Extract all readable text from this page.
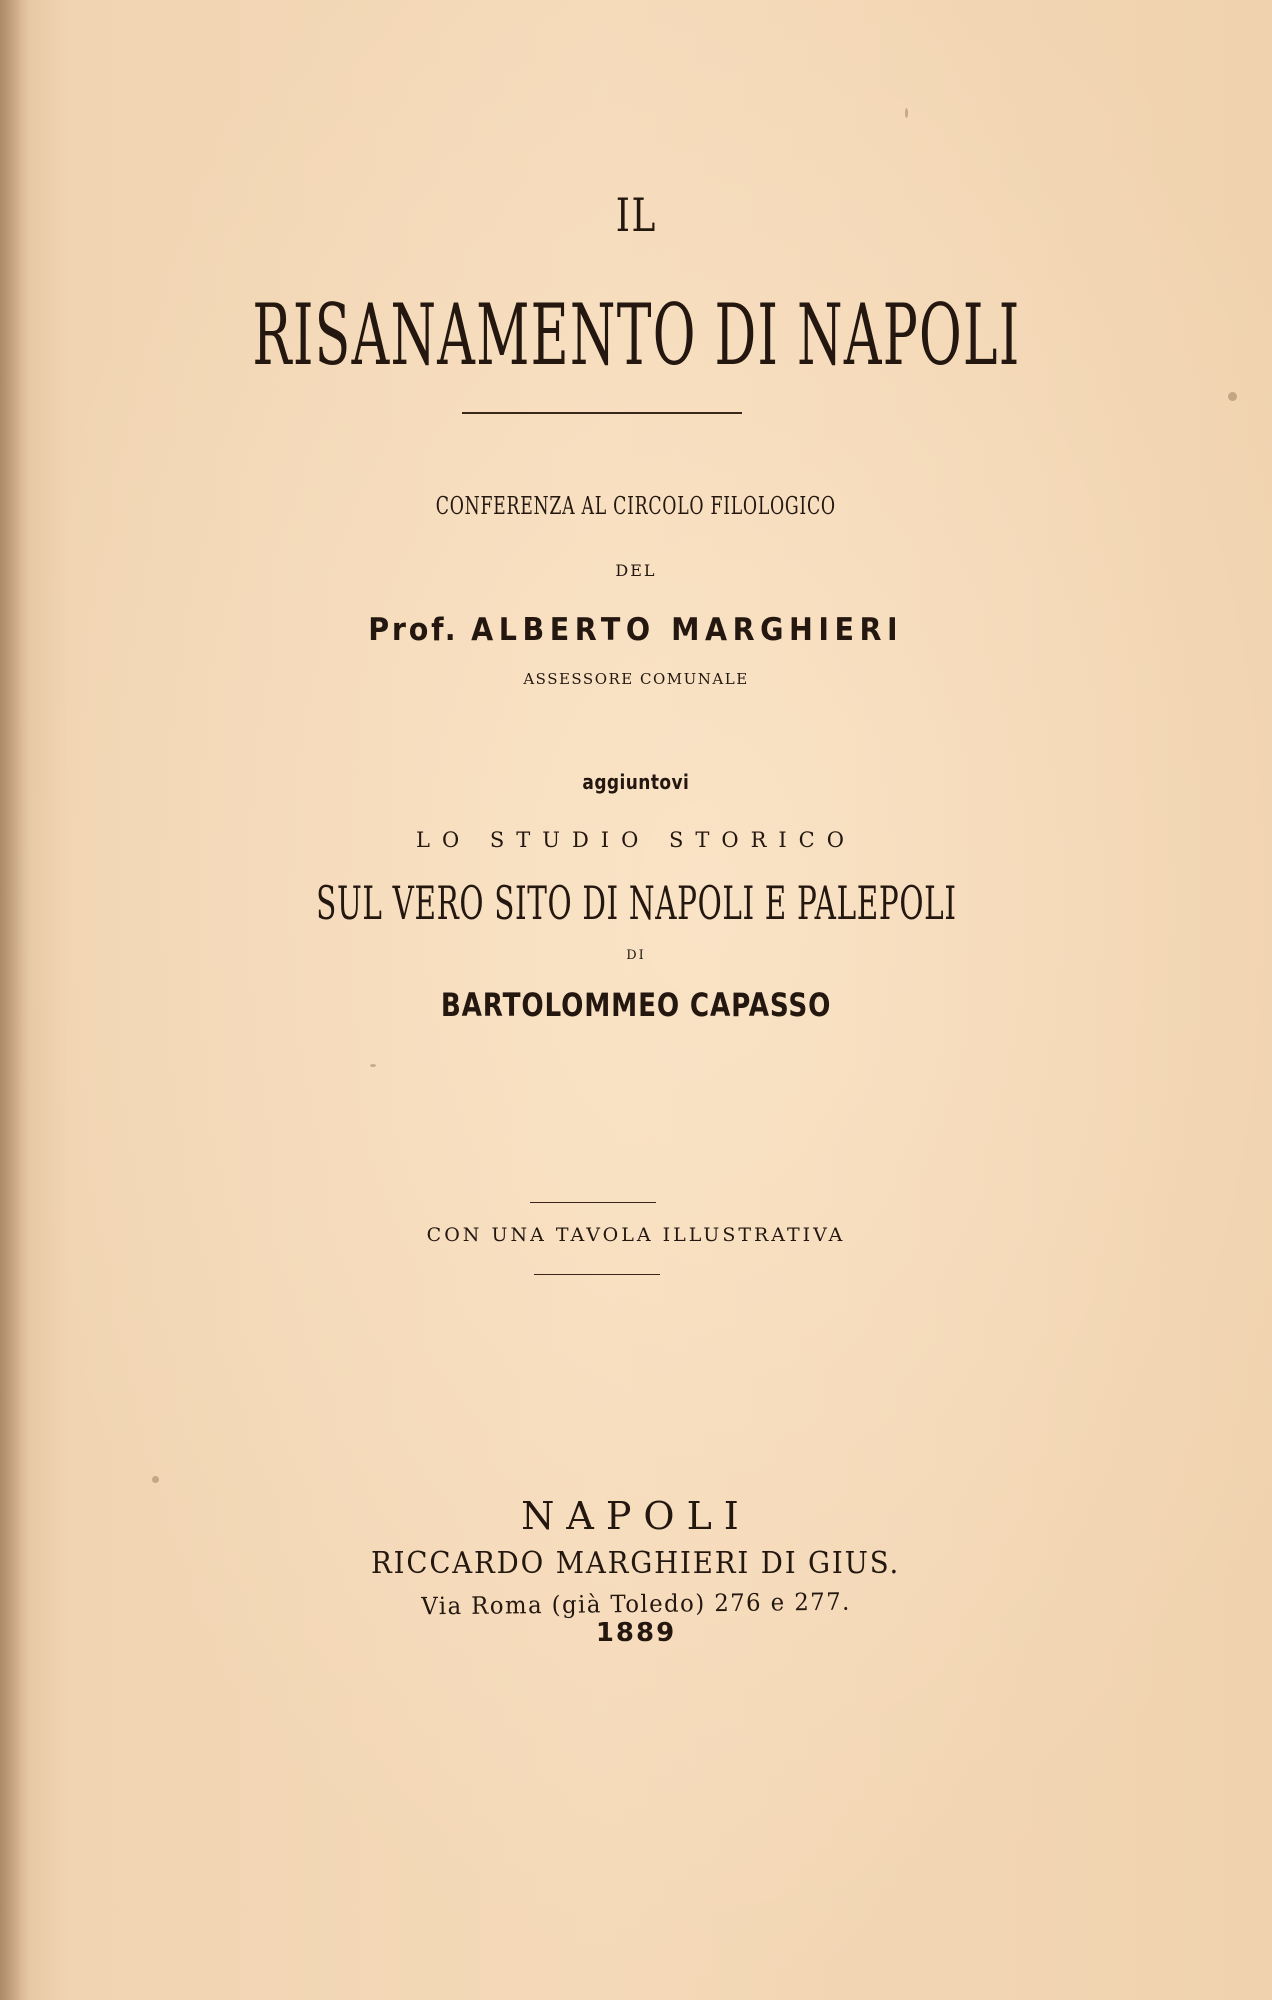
IL

RISANAMENTO DI NAPOLI

CONFERENZA AL CIRCOLO FILOLOGICO

DEL

Prof. ALBERTO MARGHIERI

ASSESSORE COMUNALE

aggiuntovi

LO STUDIO STORICO

SUL VERO SITO DI NAPOLI E PALEPOLI

DI

BARTOLOMMEO CAPASSO

CON UNA TAVOLA ILLUSTRATIVA

NAPOLI

RICCARDO MARGHIERI DI GIUS.

Via Roma (già Toledo) 276 e 277.

1889
